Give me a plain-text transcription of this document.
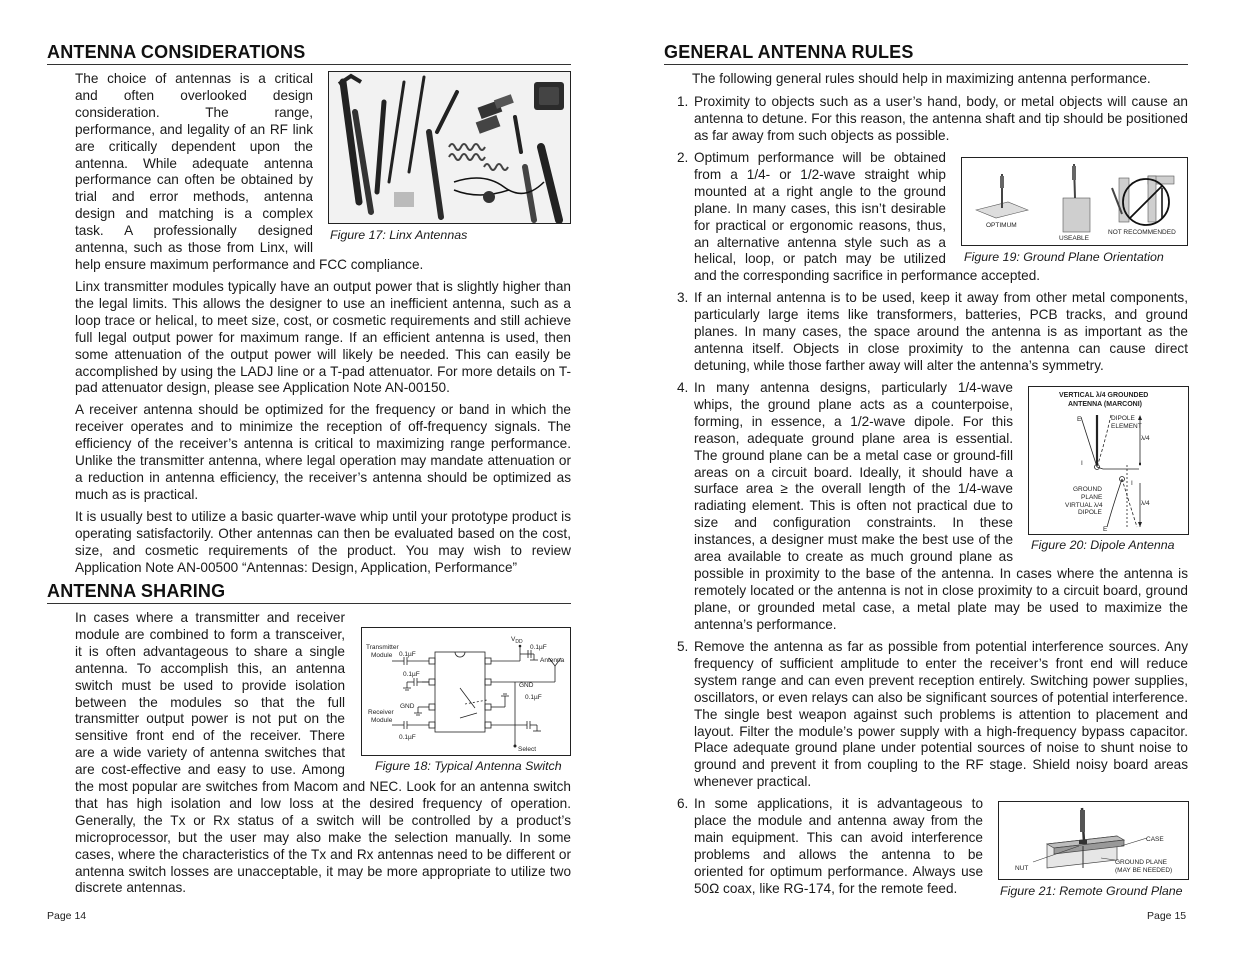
ANTENNA CONSIDERATIONS
The choice of antennas is a critical
and often overlooked design
consideration. The range,
performance, and legality of an RF link
are critically dependent upon the
antenna. While adequate antenna
performance can often be obtained by
trial and error methods, antenna
design and matching is a complex
task. A professionally designed
antenna, such as those from Linx, will
help ensure maximum performance and FCC compliance.
Figure 17: Linx Antennas
Linx transmitter modules typically have an output power that is slightly higher than the legal limits. This allows the designer to use an inefficient antenna, such as a loop trace or helical, to meet size, cost, or cosmetic requirements and still achieve full legal output power for maximum range. If an efficient antenna is used, then some attenuation of the output power will likely be needed. This can easily be accomplished by using the LADJ line or a T-pad attenuator. For more details on T-pad attenuator design, please see Application Note AN-00150.
A receiver antenna should be optimized for the frequency or band in which the receiver operates and to minimize the reception of off-frequency signals. The efficiency of the receiver’s antenna is critical to maximizing range performance. Unlike the transmitter antenna, where legal operation may mandate attenuation or a reduction in antenna efficiency, the receiver’s antenna should be optimized as much as is practical.
It is usually best to utilize a basic quarter-wave whip until your prototype product is operating satisfactorily. Other antennas can then be evaluated based on the cost, size, and cosmetic requirements of the product. You may wish to review Application Note AN-00500 “Antennas: Design, Application, Performance”
ANTENNA SHARING
In cases where a transmitter and receiver
module are combined to form a transceiver,
it is often advantageous to share a single
antenna. To accomplish this, an antenna
switch must be used to provide isolation
between the modules so that the full
transmitter output power is not put on the
sensitive front end of the receiver. There
are a wide variety of antenna switches that
are cost-effective and easy to use. Among
the most popular are switches from Macom and NEC. Look for an antenna switch that has high isolation and low loss at the desired frequency of operation. Generally, the Tx or Rx status of a switch will be controlled by a product’s microprocessor, but the user may also make the selection manually. In some cases, where the characteristics of the Tx and Rx antennas need to be different or antenna switch losses are unacceptable, it may be more appropriate to utilize two discrete antennas.
$V_{DD}$
Transmitter
Module 0.1µF
0.1µF
0.1µF
0.1µF
0.1µF
Antenna
GND
GND
Receiver
Module
Select
Figure 18: Typical Antenna Switch
Page 14
GENERAL ANTENNA RULES
The following general rules should help in maximizing antenna performance.
1. Proximity to objects such as a user’s hand, body, or metal objects will cause an antenna to detune. For this reason, the antenna shaft and tip should be positioned as far away from such objects as possible.
2. Optimum performance will be obtained
from a 1/4- or 1/2-wave straight whip
mounted at a right angle to the ground
plane. In many cases, this isn’t desirable
for practical or ergonomic reasons, thus,
an alternative antenna style such as a
helical, loop, or patch may be utilized
and the corresponding sacrifice in performance accepted.
OPTIMUM
USEABLE
NOT RECOMMENDED
Figure 19: Ground Plane Orientation
3. If an internal antenna is to be used, keep it away from other metal components, particularly large items like transformers, batteries, PCB tracks, and ground planes. In many cases, the space around the antenna is as important as the antenna itself. Objects in close proximity to the antenna can cause direct detuning, while those farther away will alter the antenna’s symmetry.
4. In many antenna designs, particularly 1/4-wave
whips, the ground plane acts as a counterpoise,
forming, in essence, a 1/2-wave dipole. For this
reason, adequate ground plane area is essential.
The ground plane can be a metal case or ground-fill
areas on a circuit board. Ideally, it should have a
surface area ≥ the overall length of the 1/4-wave
radiating element. This is often not practical due to
size and configuration constraints. In these
instances, a designer must make the best use of the
area available to create as much ground plane as
possible in proximity to the base of the antenna. In cases where the antenna is remotely located or the antenna is not in close proximity to a circuit board, ground plane, or grounded metal case, a metal plate may be used to maximize the antenna’s performance.
VERTICAL λ/4 GROUNDED
ANTENNA (MARCONI)
DIPOLE
ELEMENT
λ/4
λ/4
GROUND
PLANE
VIRTUAL λ/4
DIPOLE
E
I
E
I
Figure 20: Dipole Antenna
5. Remove the antenna as far as possible from potential interference sources. Any frequency of sufficient amplitude to enter the receiver’s front end will reduce system range and can even prevent reception entirely. Switching power supplies, oscillators, or even relays can also be significant sources of potential interference. The single best weapon against such problems is attention to placement and layout. Filter the module’s power supply with a high-frequency bypass capacitor. Place adequate ground plane under potential sources of noise to shunt noise to ground and prevent it from coupling to the RF stage. Shield noisy board areas whenever practical.
6. In some applications, it is advantageous to
place the module and antenna away from the
main equipment. This can avoid interference
problems and allows the antenna to be
oriented for optimum performance. Always use
50Ω coax, like RG-174, for the remote feed.
CASE
NUT
GROUND PLANE
(MAY BE NEEDED)
Figure 21: Remote Ground Plane
Page 15
